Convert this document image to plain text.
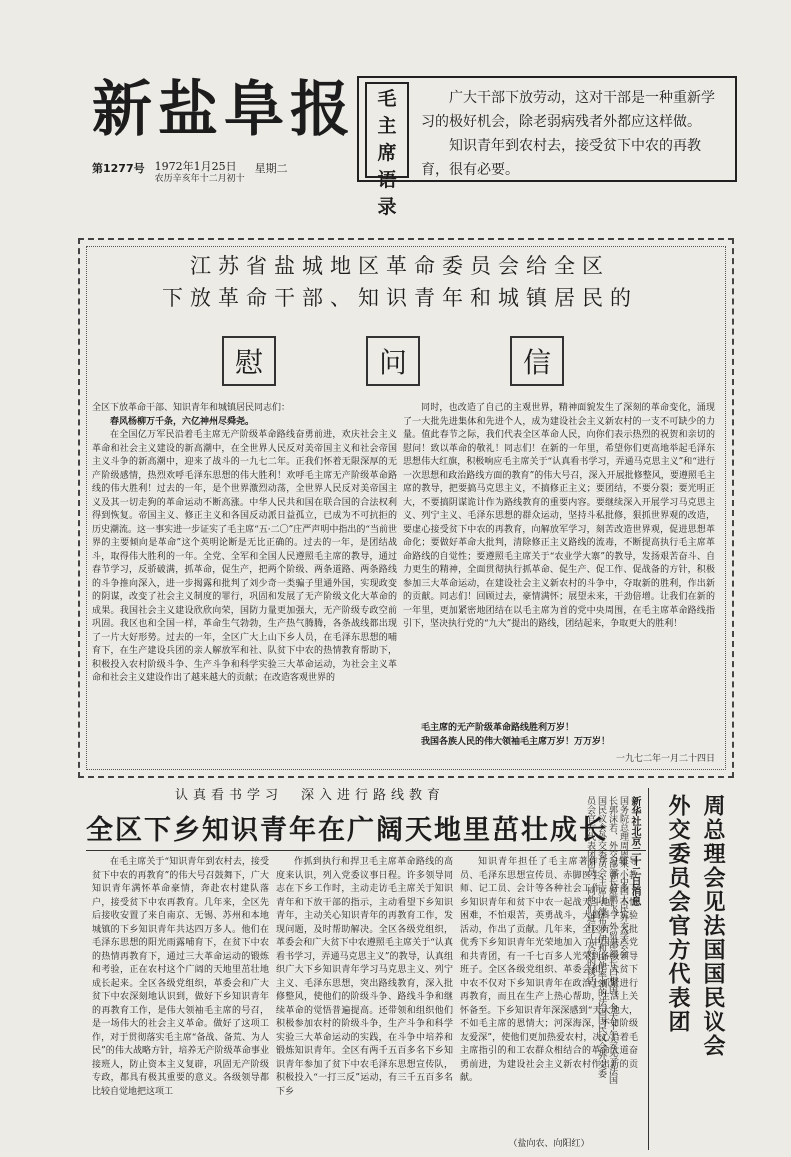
新盐阜报
第1277号 1972年1月25日
农历辛亥年十二月初十
星期二
毛
主
席
语
录

广大干部下放劳动，这对干部是一种重新学习的极好机会，除老弱病残者外都应这样做。

知识青年到农村去，接受贫下中农的再教育，很有必要。

江苏省盐城地区革命委员会给全区
下放革命干部、知识青年和城镇居民的
慰	问	信
全区下放革命干部、知识青年和城镇居民同志们：
春风杨柳万千条，六亿神州尽舜尧。

在全国亿万军民沿着毛主席无产阶级革命路线奋勇前进，欢庆社会主义革命和社会主义建设的新高潮中，在全世界人民反对美帝国主义和社会帝国主义斗争的新高潮中，迎来了战斗的一九七二年。正我们怀着无限深厚的无产阶级感情，热烈欢呼毛泽东思想的伟大胜利！欢呼毛主席无产阶级革命路线的伟大胜利！过去的一年，是个世界激烈动荡，全世界人民反对美帝国主义及其一切走狗的革命运动不断高涨。中华人民共和国在联合国的合法权利得到恢复。帝国主义、修正主义和各国反动派日益孤立，已成为不可抗拒的历史潮流。这一事实进一步证实了毛主席“五·二〇”庄严声明中指出的“当前世界的主要倾向是革命”这个英明论断是无比正确的。过去的一年，是团结战斗，取得伟大胜利的一年。全党、全军和全国人民遵照毛主席的教导，通过春节学习，反骄破满，抓革命，促生产，把两个阶级、两条道路、两条路线的斗争推向深入，进一步揭露和批判了刘少奇一类骗子里通外国，实现政变的阴谋，改变了社会主义制度的罪行，巩固和发展了无产阶级文化大革命的成果。我国社会主义建设欣欣向荣，国防力量更加强大，无产阶级专政空前巩固。我区也和全国一样，革命生气勃勃，生产热气腾腾，各条战线都出现了一片大好形势。过去的一年，全区广大上山下乡人员，在毛泽东思想的哺育下，在生产建设兵团的亲人解放军和社、队贫下中农的热情教育帮助下，积极投入农村阶级斗争、生产斗争和科学实验三大革命运动，为社会主义革命和社会主义建设作出了越来越大的贡献；在改造客观世界的

同时，也改造了自己的主观世界，精神面貌发生了深刻的革命变化，涌现了一大批先进集体和先进个人，成为建设社会主义新农村的一支不可缺少的力量。值此春节之际，我们代表全区革命人民，向你们表示热烈的祝贺和亲切的慰问！致以革命的敬礼！同志们！在新的一年里，希望你们更高地举起毛泽东思想伟大红旗，积极响应毛主席关于“认真看书学习，弄通马克思主义”和“进行一次思想和政治路线方面的教育”的伟大号召，深入开展批修整风，要遵照毛主席的教导，把要搞马克思主义，不搞修正主义；要团结，不要分裂；要光明正大，不要搞阴谋诡计作为路线教育的重要内容。要继续深入开展学习马克思主义、列宁主义、毛泽东思想的群众运动，坚持斗私批修，狠抓世界观的改造，要虚心接受贫下中农的再教育，向解放军学习，刻苦改造世界观，促进思想革命化；要做好革命大批判，清除修正主义路线的流毒，不断提高执行毛主席革命路线的自觉性；要遵照毛主席关于“农业学大寨”的教导，发扬艰苦奋斗、自力更生的精神，全面贯彻执行抓革命、促生产、促工作、促战备的方针，积极参加三大革命运动，在建设社会主义新农村的斗争中，夺取新的胜利，作出新的贡献。同志们！回顾过去，豪情满怀；展望未来，干劲倍增。让我们在新的一年里，更加紧密地团结在以毛主席为首的党中央周围，在毛主席革命路线指引下，坚决执行党的“九大”提出的路线，团结起来，争取更大的胜利！

毛主席的无产阶级革命路线胜利万岁！
我国各族人民的伟大领袖毛主席万岁！万万岁！
一九七二年一月二十四日
认真看书学习　深入进行路线教育
全区下乡知识青年在广阔天地里茁壮成长

在毛主席关于“知识青年到农村去，接受贫下中农的再教育”的伟大号召鼓舞下，广大知识青年满怀革命豪情，奔赴农村建队落户，接受贫下中农再教育。几年来，全区先后接收安置了来自南京、无锡、苏州和本地城镇的下乡知识青年共达四万多人。他们在毛泽东思想的阳光雨露哺育下，在贫下中农的热情再教育下，通过三大革命运动的锻炼和考验，正在农村这个广阔的天地里茁壮地成长起来。全区各级党组织，革委会和广大贫下中农深刻地认识到，做好下乡知识青年的再教育工作，是伟大领袖毛主席的号召，是一场伟大的社会主义革命。做好了这项工作，对于贯彻落实毛主席“备战、备荒、为人民”的伟大战略方针，培养无产阶级革命事业接班人，防止资本主义复辟，巩固无产阶级专政，都具有极其重要的意义。各级领导都比较自觉地把这项工

作抓到执行和捍卫毛主席革命路线的高度来认识，列入党委议事日程。许多领导同志在下乡工作时，主动走访毛主席关于知识青年和下放干部的指示，主动看望下乡知识青年，主动关心知识青年的再教育工作，发现问题，及时帮助解决。全区各级党组织，革委会和广大贫下中农遵照毛主席关于“认真看书学习，弄通马克思主义”的教导，认真组织广大下乡知识青年学习马克思主义、列宁主义、毛泽东思想，突出路线教育，深入批修整风，使他们的阶级斗争、路线斗争和继续革命的觉悟普遍提高。还带领和组织他们积极参加农村的阶级斗争，生产斗争和科学实验三大革命运动的实践，在斗争中培养和锻炼知识青年。全区有两千五百多名下乡知识青年参加了贫下中农毛泽东思想宣传队，积极投入“一打三反”运动，有三千五百多名下乡

知识青年担任了毛主席著作学习辅导员、毛泽东思想宣传员、赤脚医生、新小教师、记工员、会计等各种社会工作。许多下乡知识青年和贫下中农一起战天斗地，不怕困难，不怕艰苦，英勇战斗，大搞科学实验活动，作出了贡献。几年来，全区有一大批优秀下乡知识青年光荣地加入了中国共产党和共青团，有一千七百多人光荣到各级领导班子。全区各级党组织、革委会和广大贫下中农不仅对下乡知识青年在政治上抓紧进行再教育，而且在生产上热心帮助，生活上关怀备至。下乡知识青年深深感到“天大地大，不如毛主席的恩情大；河深海深，不如阶级友爱深”，使他们更加热爱农村，决心沿着毛主席指引的和工农群众相结合的革命大道奋勇前进，为建设社会主义新农村作出新的贡献。

（盐向农、向阳红）
周总理会见法国国民议会
外交委员会官方代表团
新华社北京二十二日消息
国务院总理周恩来、中国人民外交学会会
长郭沫若、外交部部长姬鹏飞，外贸部部长白相国，今天下午会见了法国
国民议会外交委员会主席让·德布罗伊和由他率领的法国国民议会外交委
员会官方代表团团员，同他们进行了友好的谈话。
